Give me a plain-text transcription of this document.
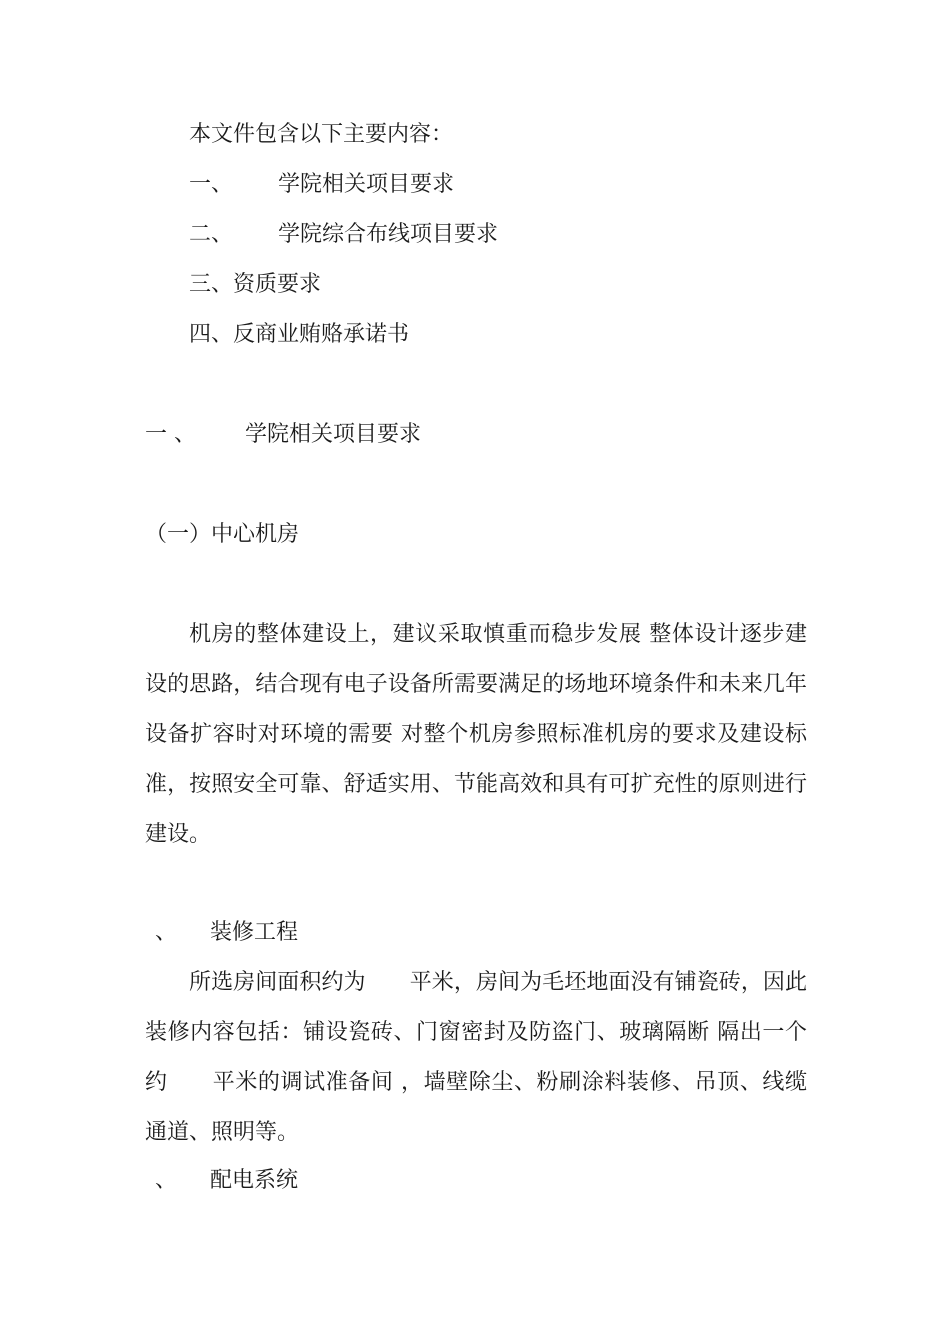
本文件包含以下主要内容：

一、 学院相关项目要求

二、 学院综合布线项目要求

三、资质要求

四、反商业贿赂承诺书

一 、 学院相关项目要求

（一）中心机房

机房的整体建设上，建议采取慎重而稳步发展 整体设计逐步建设的思路，结合现有电子设备所需要满足的场地环境条件和未来几年设备扩容时对环境的需要 对整个机房参照标准机房的要求及建设标准，按照安全可靠、舒适实用、节能高效和具有可扩充性的原则进行建设。

、 装修工程

所选房间面积约为　　平米，房间为毛坯地面没有铺瓷砖，因此装修内容包括：铺设瓷砖、门窗密封及防盗门、玻璃隔断 隔出一个约　　平米的调试准备间 ，墙壁除尘、粉刷涂料装修、吊顶、线缆通道、照明等。

、 配电系统
